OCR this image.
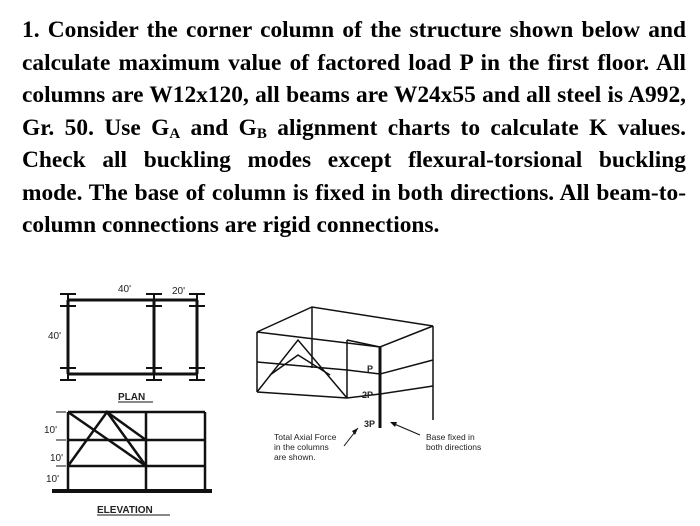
1. Consider the corner column of the structure shown below and calculate maximum value of factored load P in the first floor. All columns are W12x120, all beams are W24x55 and all steel is A992, Gr. 50. Use $G_A$ and $G_B$ alignment charts to calculate K values. Check all buckling modes except flexural-torsional buckling mode. The base of column is fixed in both directions. All beam-to-column connections are rigid connections.

40'	20'
40'
PLAN
10'
10'
10'
ELEVATION
P
2P
3P
Total Axial Force
in the columns
are shown.
Base fixed in
both directions
